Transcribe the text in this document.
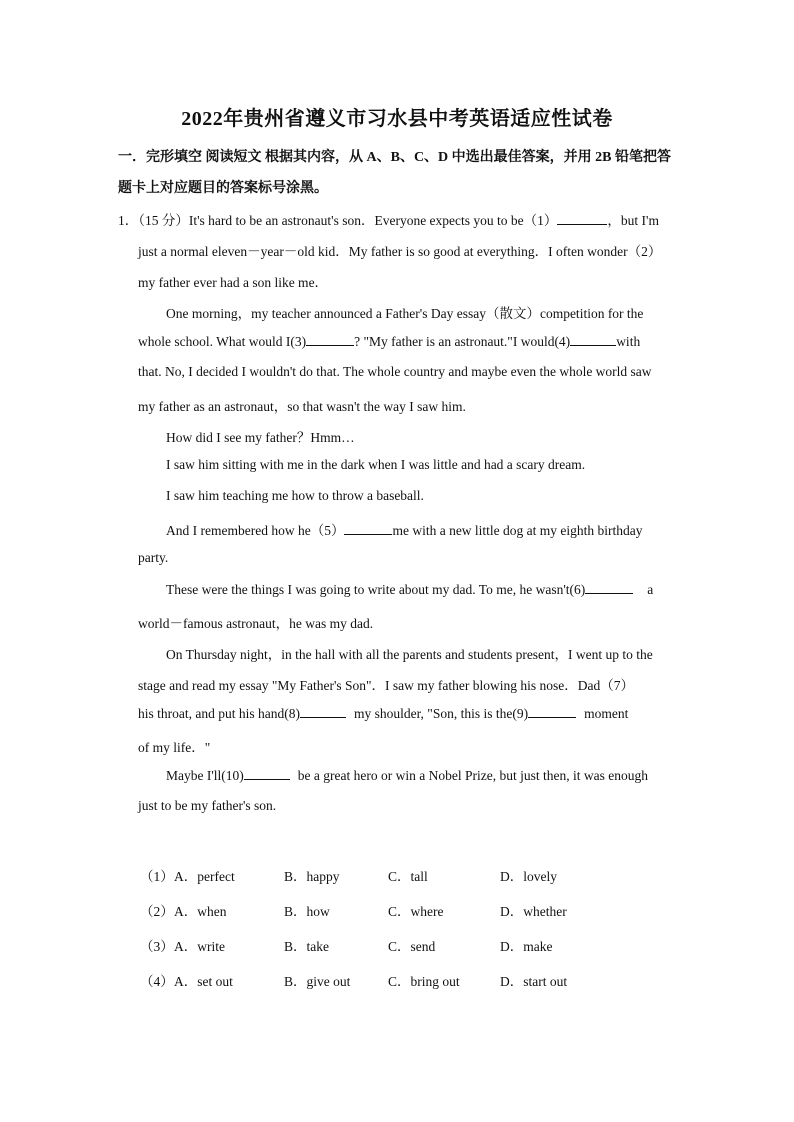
2022年贵州省遵义市习水县中考英语适应性试卷
一．完形填空 阅读短文 根据其内容，从 A、B、C、D 中选出最佳答案，并用 2B 铅笔把答题卡上对应题目的答案标号涂黑。
1．（15 分）It's hard to be an astronaut's son．Everyone expects you to be（1）	，but I'm
just a normal eleven－year－old kid．My father is so good at everything．I often wonder（2）
my father ever had a son like me．
One morning，my teacher announced a Father's Day essay（散文）competition for the
whole school. What would I(3)	? "My father is an astronaut."I would(4)	with
that. No, I decided I wouldn't do that. The whole country and maybe even the whole world saw
my father as an astronaut，so that wasn't the way I saw him.
How did I see my father？Hmm…
I saw him sitting with me in the dark when I was little and had a scary dream.
I saw him teaching me how to throw a baseball.
And I remembered how he（5）	me with a new little dog at my eighth birthday
party.
These were the things I was going to write about my dad. To me, he wasn't(6)	a
world－famous astronaut，he was my dad.
On Thursday night，in the hall with all the parents and students present，I went up to the
stage and read my essay "My Father's Son"．I saw my father blowing his nose．Dad（7）
his throat, and put his hand(8)	my shoulder, "Son, this is the(9)	moment
of my life．"
Maybe I'll(10)	be a great hero or win a Nobel Prize, but just then, it was enough
just to be my father's son.
（1） A．perfect	B．happy	C．tall	D．lovely
（2） A．when	B．how	C．where	D．whether
（3） A．write	B．take	C．send	D．make
（4） A．set out	B．give out	C．bring out	D．start out
